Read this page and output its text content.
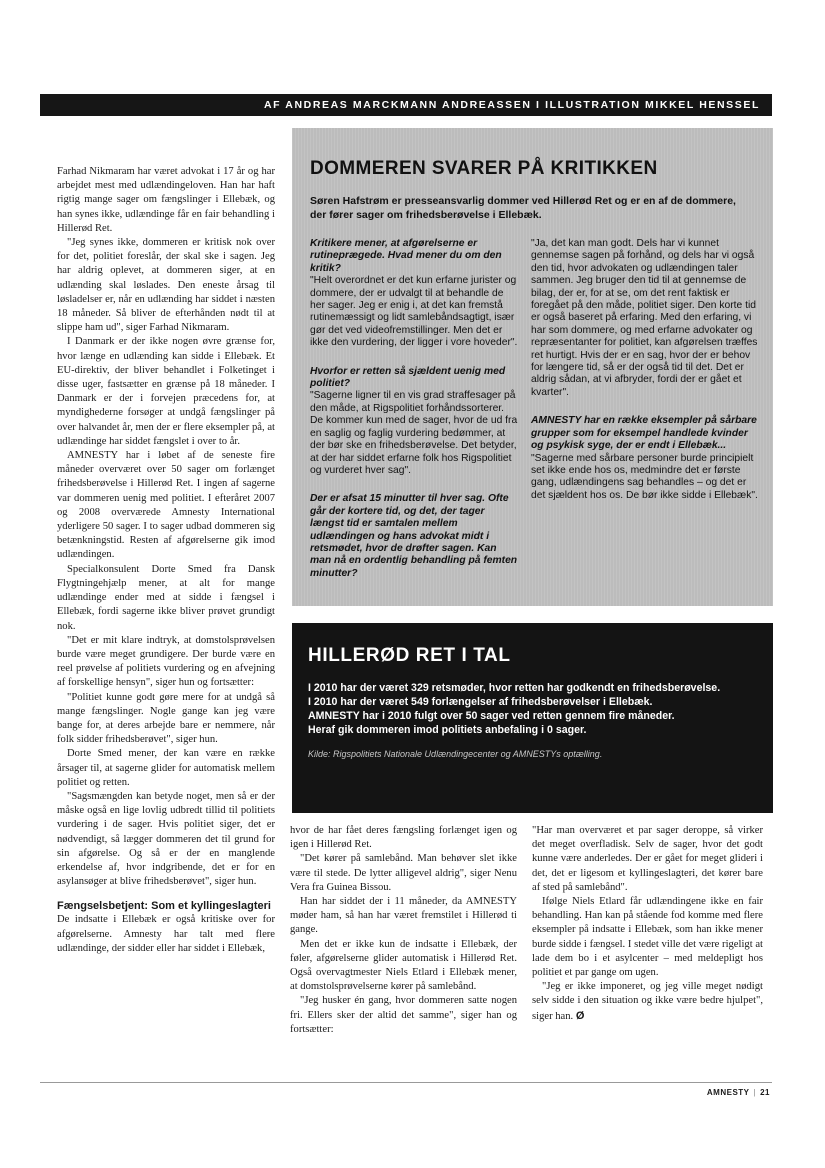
AF ANDREAS MARCKMANN ANDREASSEN I ILLUSTRATION MIKKEL HENSSEL

Farhad Nikmaram har været advokat i 17 år og har arbejdet mest med udlændingeloven. Han har haft rigtig mange sager om fængslinger i Ellebæk, og han synes ikke, udlændinge får en fair behandling i Hillerød Ret.

"Jeg synes ikke, dommeren er kritisk nok over for det, politiet foreslår, der skal ske i sagen. Jeg har aldrig oplevet, at dommeren siger, at en udlænding skal løslades. Den eneste årsag til løsladelser er, når en udlænding har siddet i næsten 18 måneder. Så bliver de efterhånden nødt til at slippe ham ud", siger Farhad Nikmaram.

I Danmark er der ikke nogen øvre grænse for, hvor længe en udlænding kan sidde i Ellebæk. Et EU-direktiv, der bliver behandlet i Folketinget i disse uger, fastsætter en grænse på 18 måneder. I Danmark er der i forvejen præcedens for, at myndighederne forsøger at undgå fængslinger på over halvandet år, men der er flere eksempler på, at udlændinge har siddet fængslet i over to år.

AMNESTY har i løbet af de seneste fire måneder overværet over 50 sager om forlænget frihedsberøvelse i Hillerød Ret. I ingen af sagerne var dommeren uenig med politiet. I efteråret 2007 og 2008 overværede Amnesty International yderligere 50 sager. I to sager udbad dommeren sig betænkningstid. Resten af afgørelserne gik imod udlændingen.

Specialkonsulent Dorte Smed fra Dansk Flygtningehjælp mener, at alt for mange udlændinge ender med at sidde i fængsel i Ellebæk, fordi sagerne ikke bliver prøvet grundigt nok.

"Det er mit klare indtryk, at domstolsprøvelsen burde være meget grundigere. Der burde være en reel prøvelse af politiets vurdering og en afvejning af forskellige hensyn", siger hun og fortsætter:

"Politiet kunne godt gøre mere for at undgå så mange fængslinger. Nogle gange kan jeg være bange for, at deres arbejde bare er nemmere, når folk sidder frihedsberøvet", siger hun.

Dorte Smed mener, der kan være en række årsager til, at sagerne glider for automatisk mellem politiet og retten.

"Sagsmængden kan betyde noget, men så er der måske også en lige lovlig udbredt tillid til politiets vurdering i de sager. Hvis politiet siger, det er nødvendigt, så lægger dommeren det til grund for sin afgørelse. Og så er der en manglende erkendelse af, hvor indgribende, det er for en asylansøger at blive frihedsberøvet", siger hun.

Fængselsbetjent: Som et kyllingeslagteri

De indsatte i Ellebæk er også kritiske over for afgørelserne. Amnesty har talt med flere udlændinge, der sidder eller har siddet i Ellebæk,

DOMMEREN SVARER PÅ KRITIKKEN
Søren Hafstrøm er presseansvarlig dommer ved Hillerød Ret og er en af de dommere, der fører sager om frihedsberøvelse i Ellebæk.
Kritikere mener, at afgørelserne er rutineprægede. Hvad mener du om den kritik?
"Helt overordnet er det kun erfarne jurister og dommere, der er udvalgt til at behandle de her sager. Jeg er enig i, at det kan fremstå rutinemæssigt og lidt samlebåndsagtigt, især gør det ved videofremstillinger. Men det er ikke den vurdering, der ligger i vore hoveder".
Hvorfor er retten så sjældent uenig med politiet?
"Sagerne ligner til en vis grad straffesager på den måde, at Rigspolitiet forhåndssorterer. De kommer kun med de sager, hvor de ud fra en saglig og faglig vurdering bedømmer, at der bør ske en frihedsberøvelse. Det betyder, at der har siddet erfarne folk hos Rigspolitiet og vurderet hver sag".
Der er afsat 15 minutter til hver sag. Ofte går der kortere tid, og det, der tager længst tid er samtalen mellem udlændingen og hans advokat midt i retsmødet, hvor de drøfter sagen. Kan man nå en ordentlig behandling på femten minutter?
"Ja, det kan man godt. Dels har vi kunnet gennemse sagen på forhånd, og dels har vi også den tid, hvor advokaten og udlændingen taler sammen. Jeg bruger den tid til at gennemse de bilag, der er, for at se, om det rent faktisk er foregået på den måde, politiet siger. Den korte tid er også baseret på erfaring. Med den erfaring, vi har som dommere, og med erfarne advokater og repræsentanter for politiet, kan afgørelsen træffes ret hurtigt. Hvis der er en sag, hvor der er behov for længere tid, så er der også tid til det. Det er aldrig sådan, at vi afbryder, fordi der er gået et kvarter".
AMNESTY har en række eksempler på sårbare grupper som for eksempel handlede kvinder og psykisk syge, der er endt i Ellebæk...
"Sagerne med sårbare personer burde principielt set ikke ende hos os, medmindre det er første gang, udlændingens sag behandles – og det er det sjældent hos os. De bør ikke sidde i Ellebæk".
HILLERØD RET I TAL
I 2010 har der været 329 retsmøder, hvor retten har godkendt en frihedsberøvelse.
I 2010 har der været 549 forlængelser af frihedsberøvelser i Ellebæk.
AMNESTY har i 2010 fulgt over 50 sager ved retten gennem fire måneder.
Heraf gik dommeren imod politiets anbefaling i 0 sager.
Kilde: Rigspolitiets Nationale Udlændingecenter og AMNESTYs optælling.

hvor de har fået deres fængsling forlænget igen og igen i Hillerød Ret.

"Det kører på samlebånd. Man behøver slet ikke være til stede. De lytter alligevel aldrig", siger Nenu Vera fra Guinea Bissou.

Han har siddet der i 11 måneder, da AMNESTY møder ham, så han har været fremstilet i Hillerød ti gange.

Men det er ikke kun de indsatte i Ellebæk, der føler, afgørelserne glider automatisk i Hillerød Ret. Også overvagtmester Niels Etlard i Ellebæk mener, at domstolsprøvelserne kører på samlebånd.

"Jeg husker én gang, hvor dommeren satte nogen fri. Ellers sker der altid det samme", siger han og fortsætter:

"Har man overværet et par sager deroppe, så virker det meget overfladisk. Selv de sager, hvor det godt kunne være anderledes. Der er gået for meget glideri i det, det er ligesom et kyllingeslagteri, det kører bare af sted på samlebånd".

Ifølge Niels Etlard får udlændingene ikke en fair behandling. Han kan på stående fod komme med flere eksempler på indsatte i Ellebæk, som han ikke mener burde sidde i fængsel. I stedet ville det være rigeligt at lade dem bo i et asylcenter – med meldepligt hos politiet et par gange om ugen.

"Jeg er ikke imponeret, og jeg ville meget nødigt selv sidde i den situation og ikke være bedre hjulpet", siger han. Ø

AMNESTY | 21
